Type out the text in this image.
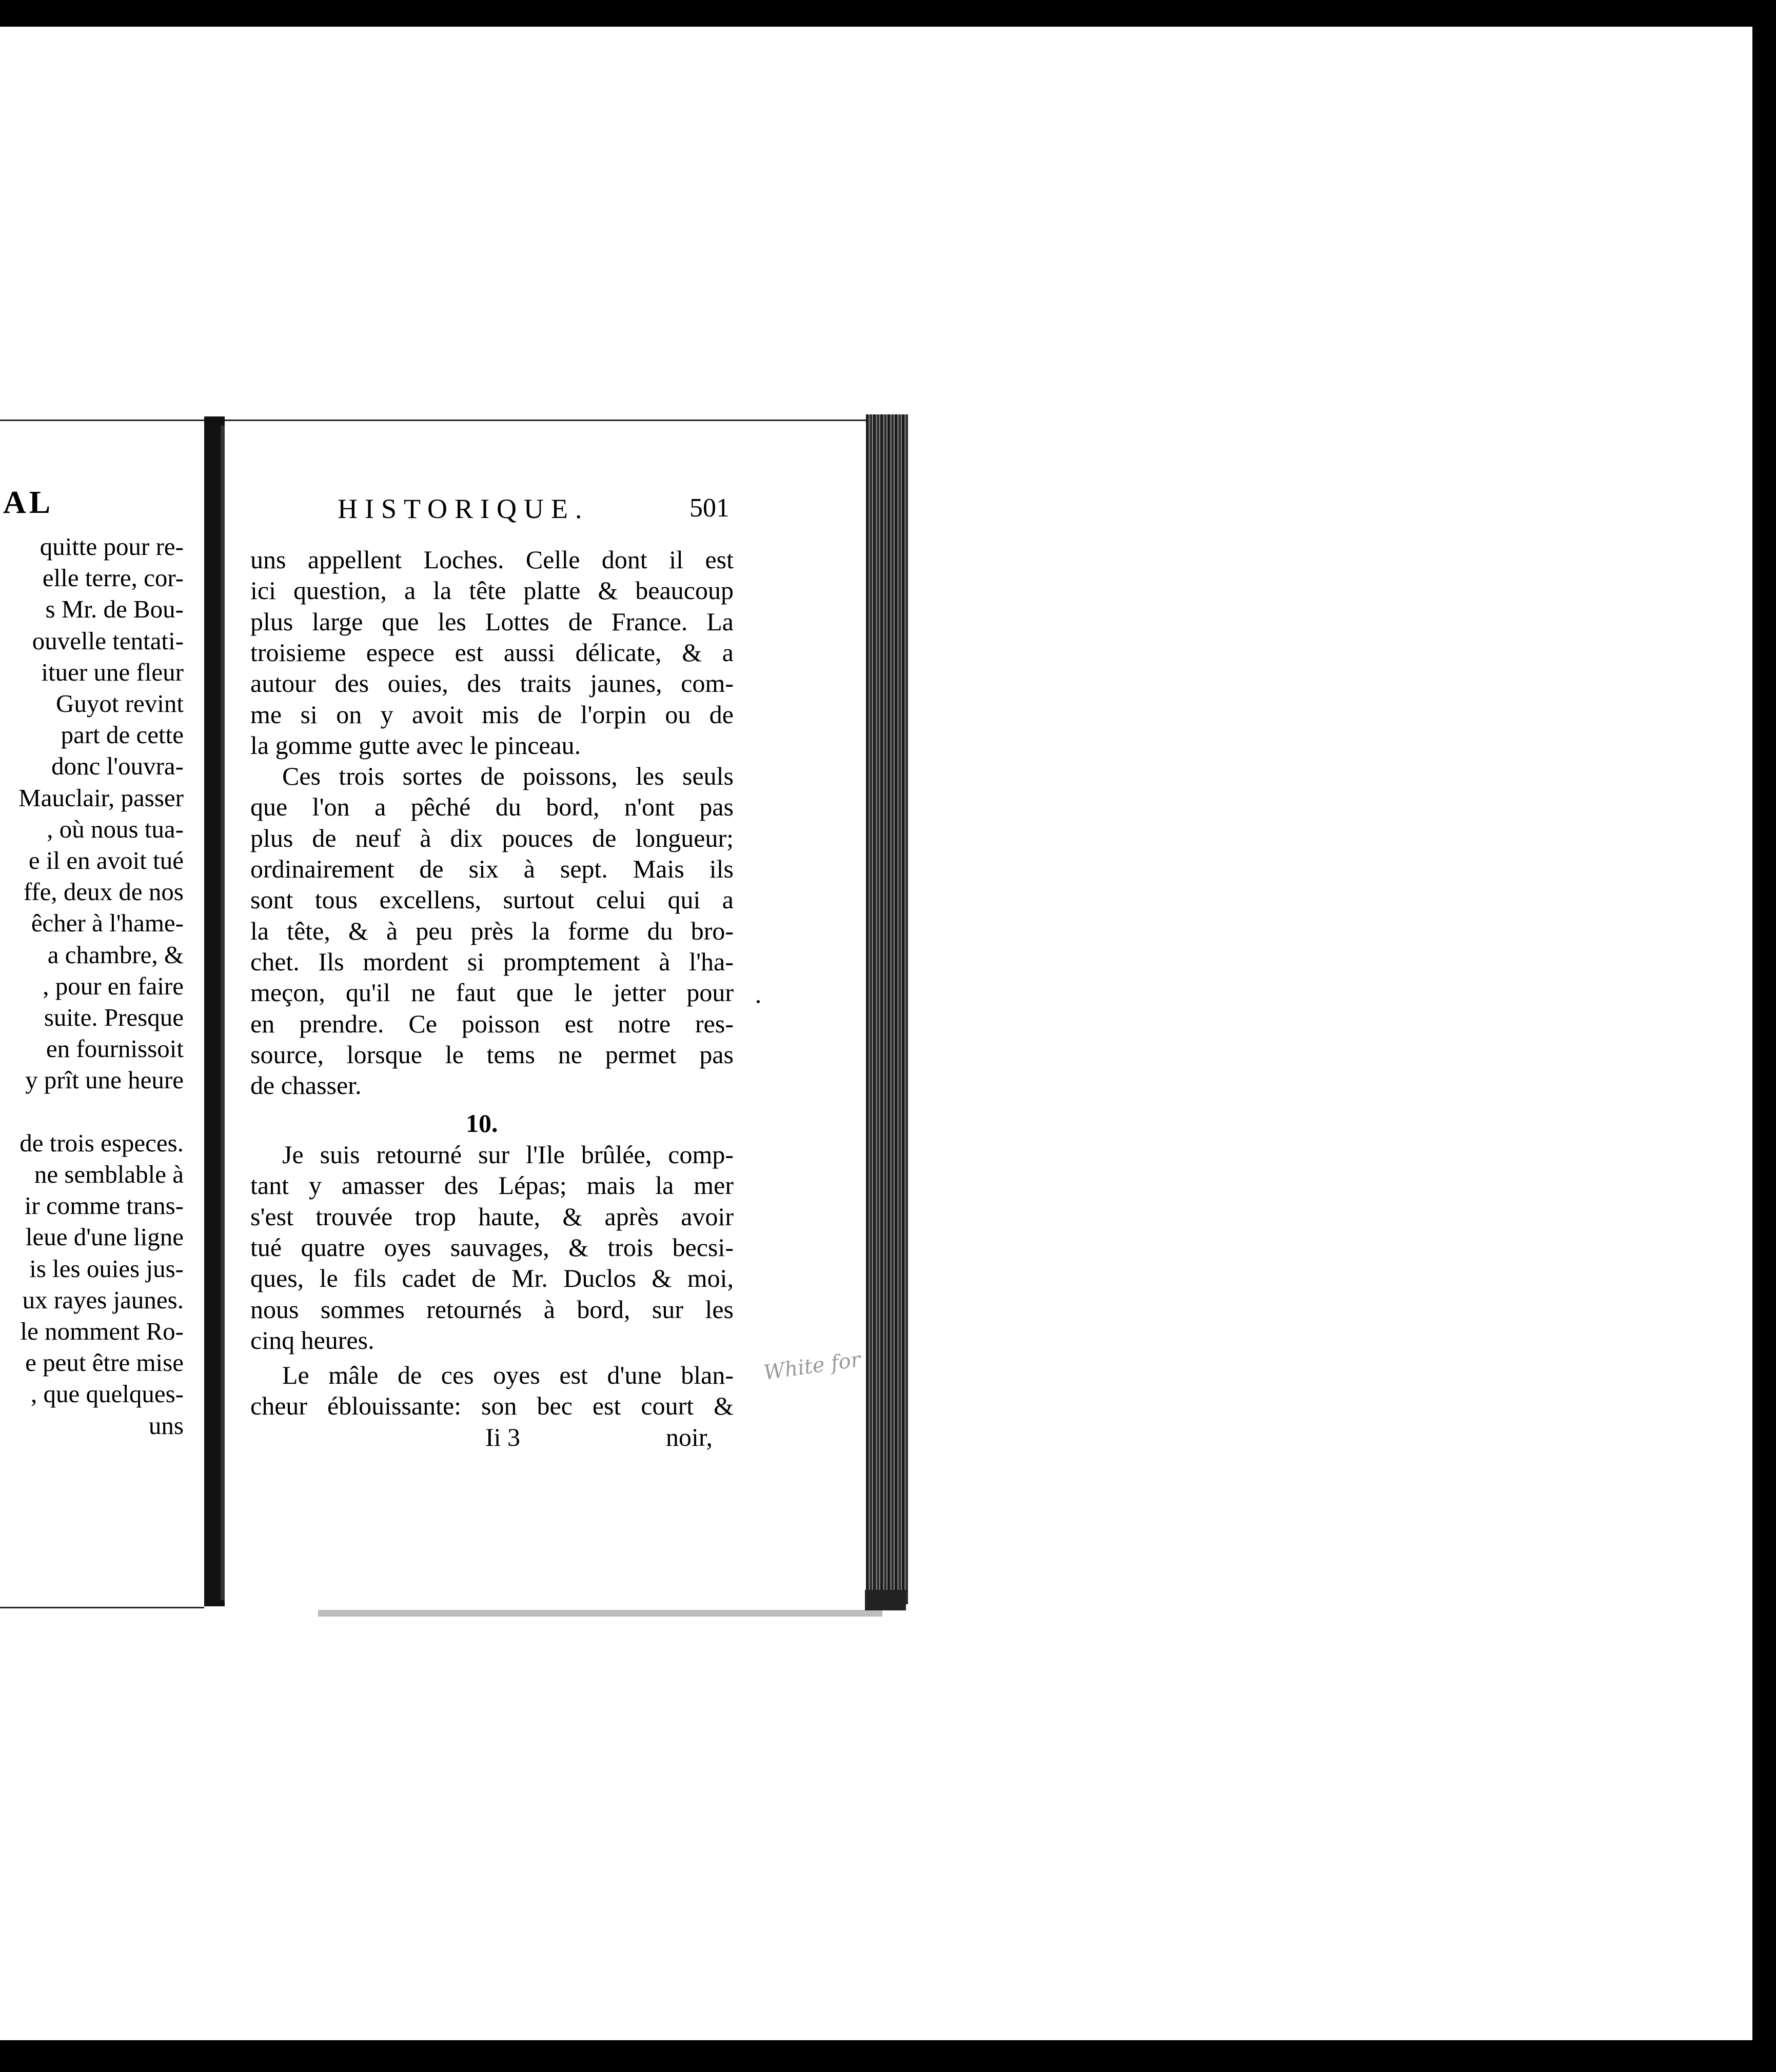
AL
quitte pour re-
elle terre, cor-
s Mr. de Bou-
ouvelle tentati-
ituer une fleur
Guyot revint
part de cette
donc l'ouvra-
Mauclair, passer
, où nous tua-
e il en avoit tué
ffe, deux de nos
êcher à l'hame-
a chambre, &
, pour en faire
suite. Presque
en fournissoit
y prît une heure
de trois especes.
ne semblable à
ir comme trans-
leue d'une ligne
is les ouies jus-
ux rayes jaunes.
le nomment Ro-
e peut être mise
, que quelques-
uns
HISTORIQUE.	501
uns appellent Loches. Celle dont il est
ici question, a la tête platte & beaucoup
plus large que les Lottes de France. La
troisieme espece est aussi délicate, & a
autour des ouies, des traits jaunes, com-
me si on y avoit mis de l'orpin ou de
la gomme gutte avec le pinceau.
Ces trois sortes de poissons, les seuls
que l'on a pêché du bord, n'ont pas
plus de neuf à dix pouces de longueur;
ordinairement de six à sept. Mais ils
sont tous excellens, surtout celui qui a
la tête, & à peu près la forme du bro-
chet. Ils mordent si promptement à l'ha-
meçon, qu'il ne faut que le jetter pour
en prendre. Ce poisson est notre res-
source, lorsque le tems ne permet pas
de chasser.
Je suis retourné sur l'Ile brûlée, comp-
tant y amasser des Lépas; mais la mer
s'est trouvée trop haute, & après avoir
tué quatre oyes sauvages, & trois becsi-
ques, le fils cadet de Mr. Duclos & moi,
nous sommes retournés à bord, sur les
cinq heures.
Le mâle de ces oyes est d'une blan-
cheur éblouissante: son bec est court &
10.
Ii 3	noir,
White for
